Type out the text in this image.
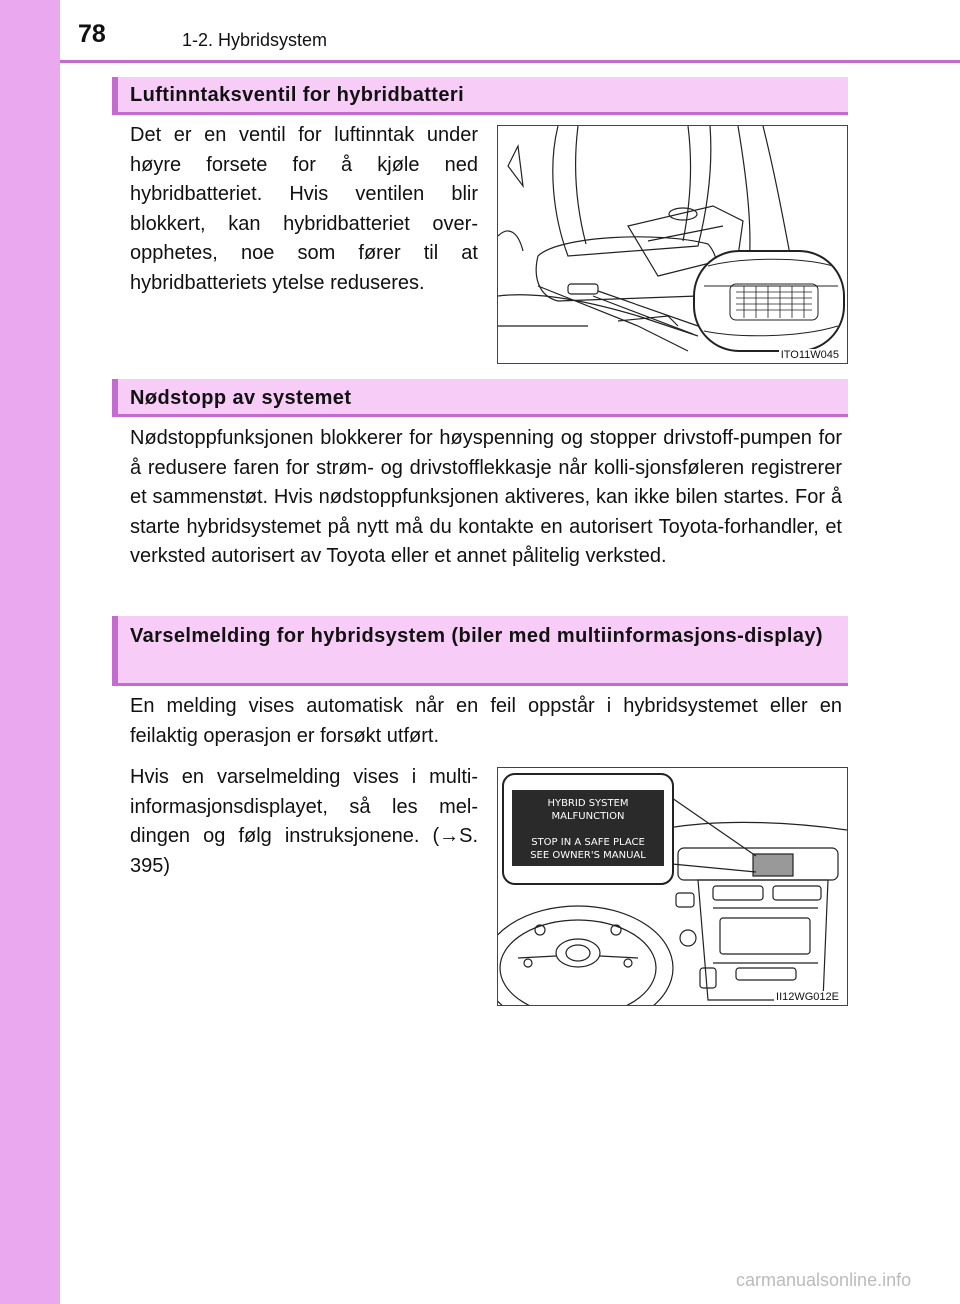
78	1-2. Hybridsystem
Luftinntaksventil for hybridbatteri
Det er en ventil for luftinntak under høyre forsete for å kjøle ned hybridbatteriet. Hvis ventilen blir blokkert, kan hybridbatteriet over-opphetes, noe som fører til at hybridbatteriets ytelse reduseres.
ITO11W045
Nødstopp av systemet
Nødstoppfunksjonen blokkerer for høyspenning og stopper drivstoff-pumpen for å redusere faren for strøm- og drivstofflekkasje når kolli-sjonsføleren registrerer et sammenstøt. Hvis nødstoppfunksjonen aktiveres, kan ikke bilen startes. For å starte hybridsystemet på nytt må du kontakte en autorisert Toyota-forhandler, et verksted autorisert av Toyota eller et annet pålitelig verksted.
Varselmelding for hybridsystem (biler med multiinformasjons-display)
En melding vises automatisk når en feil oppstår i hybridsystemet eller en feilaktig operasjon er forsøkt utført.
Hvis en varselmelding vises i multi-informasjonsdisplayet, så les mel-dingen og følg instruksjonene. (→S. 395)
HYBRID SYSTEM
MALFUNCTION
STOP IN A SAFE PLACE
SEE OWNER'S MANUAL
II12WG012E
carmanualsonline.info
